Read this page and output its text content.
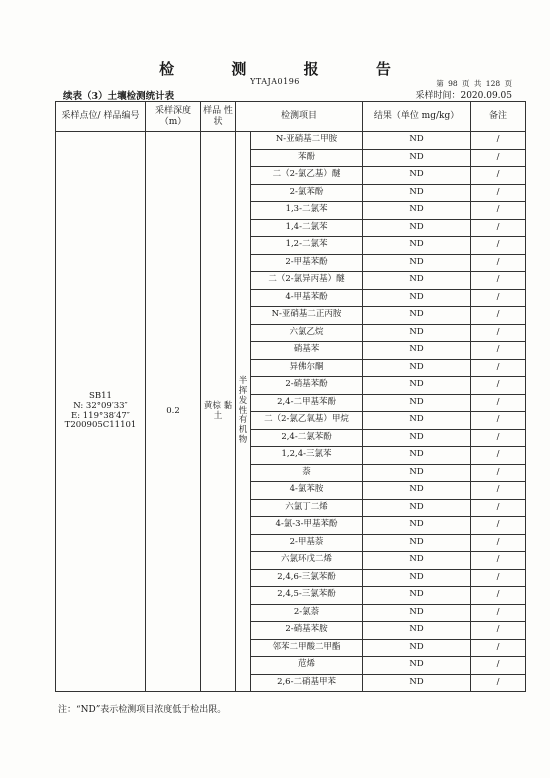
检 测 报 告
YTAJA0196	第 98 页 共 128 页
续表（3）土壤检测统计表	采样时间：2020.09.05
采样点位/ 样品编号	采样深度 （m）	样品 性状	检测项目		结果（单位 mg/kg）	备注

SB11
N: 32°09′33″
E: 119°38′47″
T200905C11101	0.2	黄棕 黏土	半挥发性有机物	N-亚硝基二甲胺	ND	/
				苯酚	ND	/
				二（2-氯乙基）醚	ND	/
				2-氯苯酚	ND	/
				1,3-二氯苯	ND	/
				1,4-二氯苯	ND	/
				1,2-二氯苯	ND	/
				2-甲基苯酚	ND	/
				二（2-氯异丙基）醚	ND	/
				4-甲基苯酚	ND	/
				N-亚硝基二正丙胺	ND	/
				六氯乙烷	ND	/
				硝基苯	ND	/
				异佛尔酮	ND	/
				2-硝基苯酚	ND	/
				2,4-二甲基苯酚	ND	/
				二（2-氯乙氧基）甲烷	ND	/
				2,4-二氯苯酚	ND	/
				1,2,4-三氯苯	ND	/
				萘	ND	/
				4-氯苯胺	ND	/
				六氯丁二烯	ND	/
				4-氯-3-甲基苯酚	ND	/
				2-甲基萘	ND	/
				六氯环戊二烯	ND	/
				2,4,6-三氯苯酚	ND	/
				2,4,5-三氯苯酚	ND	/
				2-氯萘	ND	/
				2-硝基苯胺	ND	/
				邻苯二甲酸二甲酯	ND	/
				苊烯	ND	/
				2,6-二硝基甲苯	ND	/
注：“ND”表示检测项目浓度低于检出限。
